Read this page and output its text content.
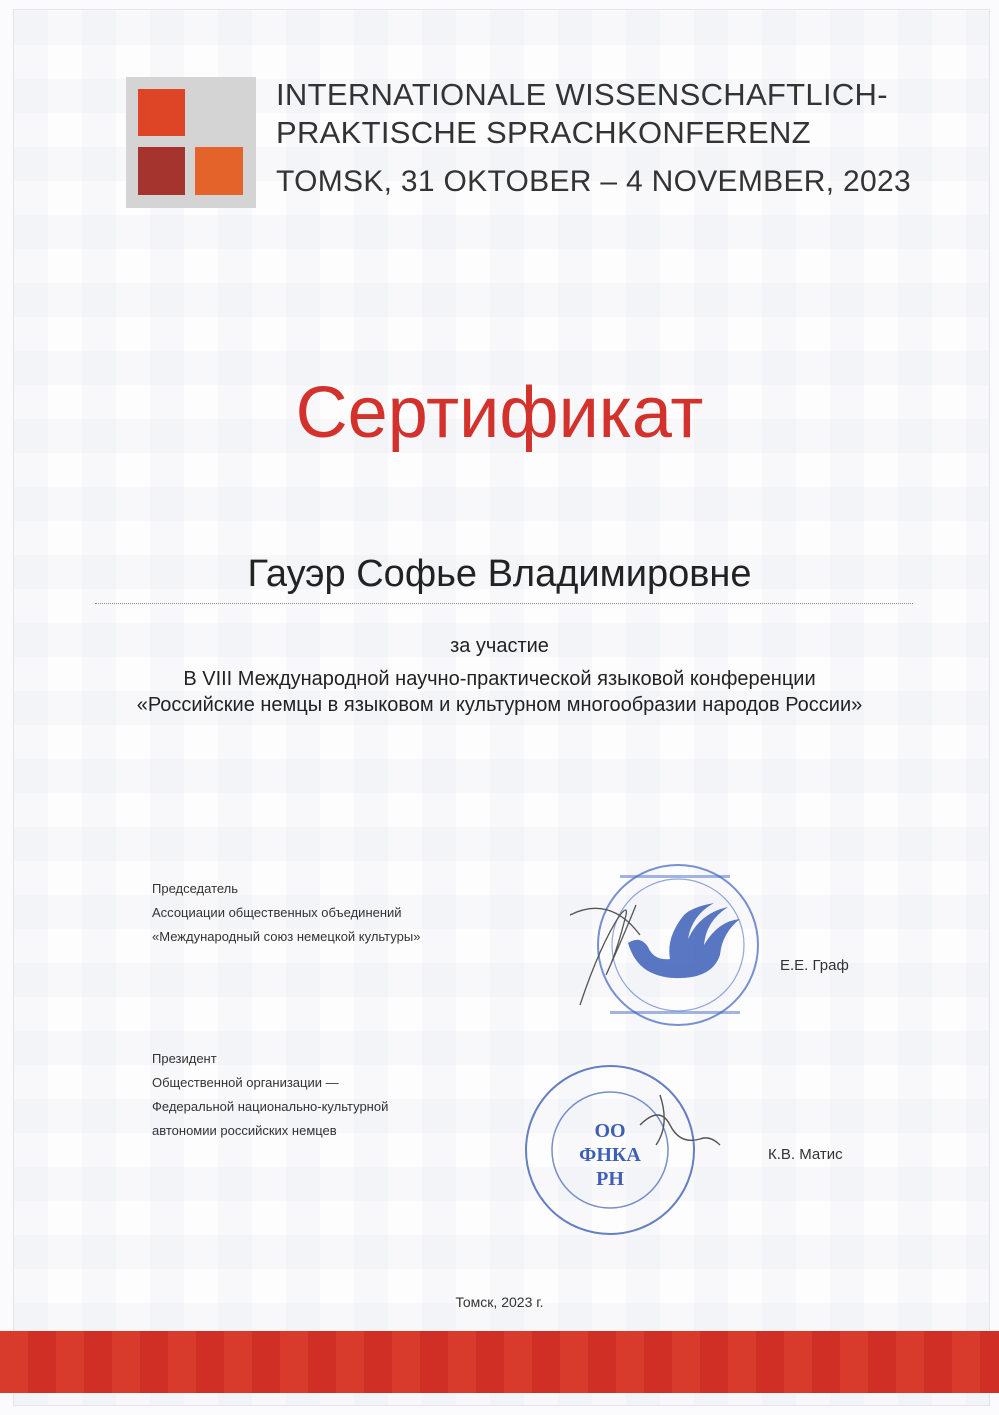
INTERNATIONALE WISSENSCHAFTLICH-
PRAKTISCHE SPRACHKONFERENZ
TOMSK, 31 OKTOBER – 4 NOVEMBER, 2023
Сертификат
Гауэр Софье Владимировне
за участие
В VIII Международной научно-практической языковой конференции
«Российские немцы в языковом и культурном многообразии народов России»
Председатель
Ассоциации общественных объединений
«Международный союз немецкой культуры»
Е.Е. Граф
Президент
Общественной организации —
Федеральной национально-культурной
автономии российских немцев	ОО
ФНКА
РН
К.В. Матис
Томск, 2023 г.
